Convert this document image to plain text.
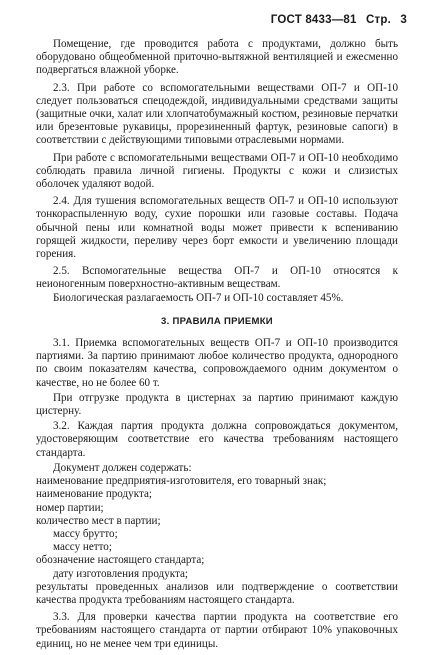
ГОСТ 8433—81 Стр. 3

Помещение, где проводится работа с продуктами, должно быть оборудовано общеобменной приточно-вытяжной вентиляцией и ежесменно подвергаться влажной уборке.

2.3. При работе со вспомогательными веществами ОП-7 и ОП-10 следует пользоваться спецодеждой, индивидуальными средствами защиты (защитные очки, халат или хлопчатобумажный костюм, резиновые перчатки или брезентовые рукавицы, прорезиненный фартук, резиновые сапоги) в соответствии с действующими типовыми отраслевыми нормами.

При работе с вспомогательными веществами ОП-7 и ОП-10 необходимо соблюдать правила личной гигиены. Продукты с кожи и слизистых оболочек удаляют водой.

2.4. Для тушения вспомогательных веществ ОП-7 и ОП-10 используют тонкораспыленную воду, сухие порошки или газовые составы. Подача обычной пены или комнатной воды может привести к вспениванию горящей жидкости, переливу через борт емкости и увеличению площади горения.

2.5. Вспомогательные вещества ОП-7 и ОП-10 относятся к неионогенным поверхностно-активным веществам.

Биологическая разлагаемость ОП-7 и ОП-10 составляет 45%.

3. ПРАВИЛА ПРИЕМКИ

3.1. Приемка вспомогательных веществ ОП-7 и ОП-10 производится партиями. За партию принимают любое количество продукта, однородного по своим показателям качества, сопровождаемого одним документом о качестве, но не более 60 т.

При отгрузке продукта в цистернах за партию принимают каждую цистерну.

3.2. Каждая партия продукта должна сопровождаться документом, удостоверяющим соответствие его качества требованиям настоящего стандарта.

Документ должен содержать:

наименование предприятия-изготовителя, его товарный знак;

наименование продукта;

номер партии;

количество мест в партии;

массу брутто;

массу нетто;

обозначение настоящего стандарта;

дату изготовления продукта;

результаты проведенных анализов или подтверждение о соответствии качества продукта требованиям настоящего стандарта.

3.3. Для проверки качества партии продукта на соответствие его требованиям настоящего стандарта от партии отбирают 10% упаковочных единиц, но не менее чем три единицы.
